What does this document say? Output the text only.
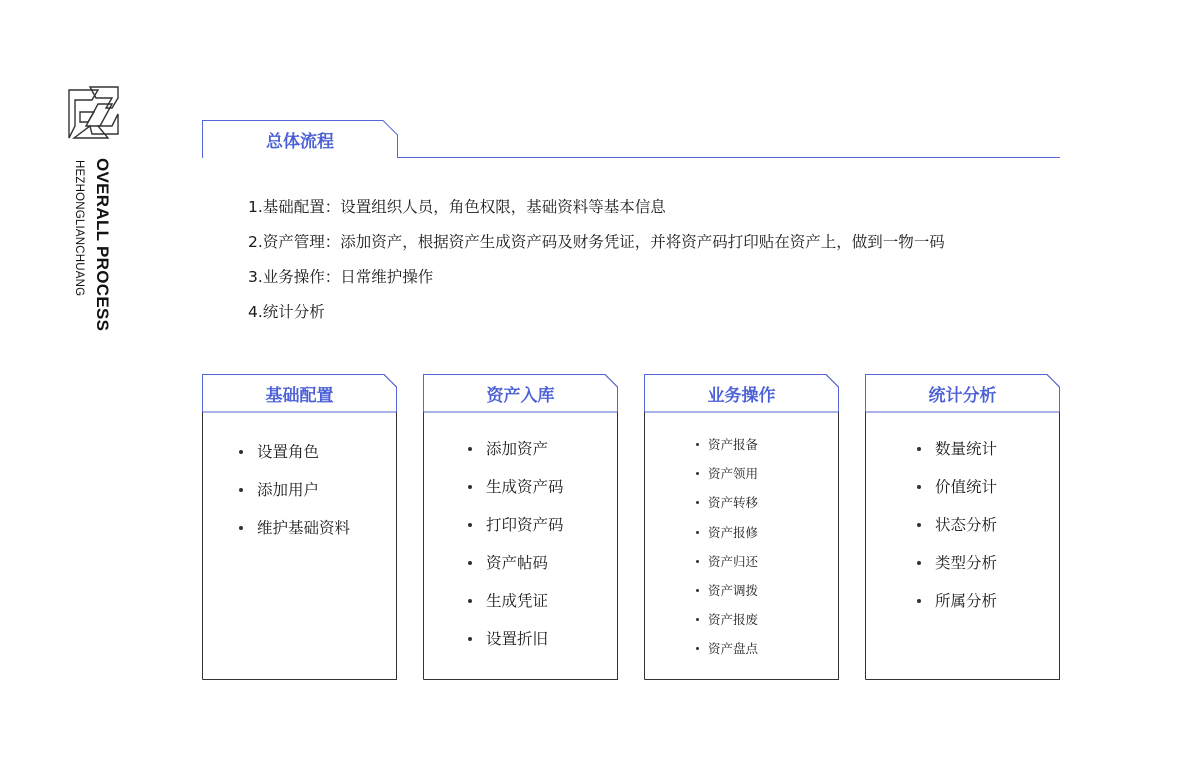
OVERALL PROCESS
HEZHONGLIANCHUANG
总体流程
1.基础配置：设置组织人员，角色权限，基础资料等基本信息
2.资产管理：添加资产，根据资产生成资产码及财务凭证，并将资产码打印贴在资产上，做到一物一码
3.业务操作：日常维护操作
4.统计分析
基础配置
设置角色
添加用户
维护基础资料
资产入库
添加资产
生成资产码
打印资产码
资产帖码
生成凭证
设置折旧
业务操作
资产报备
资产领用
资产转移
资产报修
资产归还
资产调拨
资产报废
资产盘点
统计分析
数量统计
价值统计
状态分析
类型分析
所属分析
